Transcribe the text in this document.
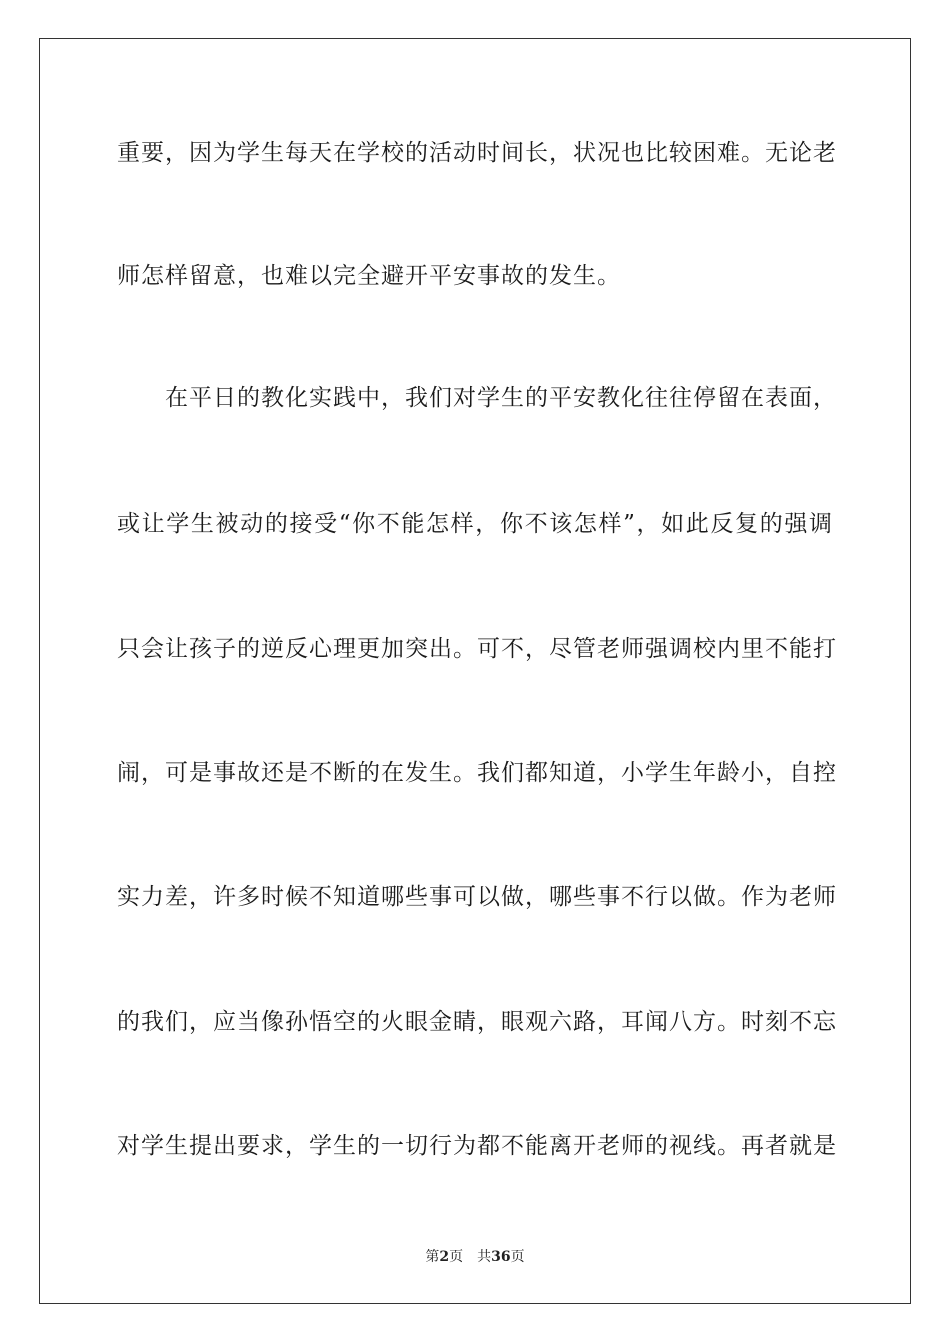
重要，因为学生每天在学校的活动时间长，状况也比较困难。无论老
师怎样留意，也难以完全避开平安事故的发生。
在平日的教化实践中，我们对学生的平安教化往往停留在表面，
或让学生被动的接受“你不能怎样，你不该怎样”，如此反复的强调
只会让孩子的逆反心理更加突出。可不，尽管老师强调校内里不能打
闹，可是事故还是不断的在发生。我们都知道，小学生年龄小，自控
实力差，许多时候不知道哪些事可以做，哪些事不行以做。作为老师
的我们，应当像孙悟空的火眼金睛，眼观六路，耳闻八方。时刻不忘
对学生提出要求，学生的一切行为都不能离开老师的视线。再者就是
第2页 共36页
